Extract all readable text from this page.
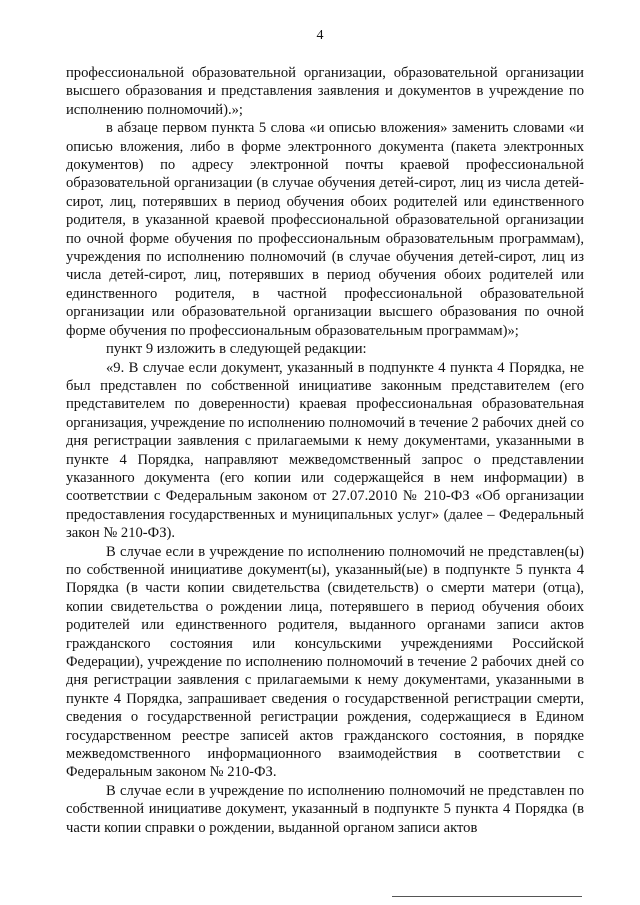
4

профессиональной образовательной организации, образовательной организации высшего образования и представления заявления и документов в учреждение по исполнению полномочий).»;

в абзаце первом пункта 5 слова «и описью вложения» заменить словами «и описью вложения, либо в форме электронного документа (пакета электронных документов) по адресу электронной почты краевой профессиональной образовательной организации (в случае обучения детей-сирот, лиц из числа детей-сирот, лиц, потерявших в период обучения обоих родителей или единственного родителя, в указанной краевой профессиональной образовательной организации по очной форме обучения по профессиональным образовательным программам), учреждения по исполнению полномочий (в случае обучения детей-сирот, лиц из числа детей-сирот, лиц, потерявших в период обучения обоих родителей или единственного родителя, в частной профессиональной образовательной организации или образовательной организации высшего образования по очной форме обучения по профессиональным образовательным программам)»;

пункт 9 изложить в следующей редакции:

«9. В случае если документ, указанный в подпункте 4 пункта 4 Порядка, не был представлен по собственной инициативе законным представителем (его представителем по доверенности) краевая профессиональная образовательная организация, учреждение по исполнению полномочий в течение 2 рабочих дней со дня регистрации заявления с прилагаемыми к нему документами, указанными в пункте 4 Порядка, направляют межведомственный запрос о представлении указанного документа (его копии или содержащейся в нем информации) в соответствии с Федеральным законом от 27.07.2010 № 210-ФЗ «Об организации предоставления государственных и муниципальных услуг» (далее – Федеральный закон № 210-ФЗ).

В случае если в учреждение по исполнению полномочий не представлен(ы) по собственной инициативе документ(ы), указанный(ые) в подпункте 5 пункта 4 Порядка (в части копии свидетельства (свидетельств) о смерти матери (отца), копии свидетельства о рождении лица, потерявшего в период обучения обоих родителей или единственного родителя, выданного органами записи актов гражданского состояния или консульскими учреждениями Российской Федерации), учреждение по исполнению полномочий в течение 2 рабочих дней со дня регистрации заявления с прилагаемыми к нему документами, указанными в пункте 4 Порядка, запрашивает сведения о государственной регистрации смерти, сведения о государственной регистрации рождения, содержащиеся в Едином государственном реестре записей актов гражданского состояния, в порядке межведомственного информационного взаимодействия в соответствии с Федеральным законом № 210-ФЗ.

В случае если в учреждение по исполнению полномочий не представлен по собственной инициативе документ, указанный в подпункте 5 пункта 4 Порядка (в части копии справки о рождении, выданной органом записи актов
